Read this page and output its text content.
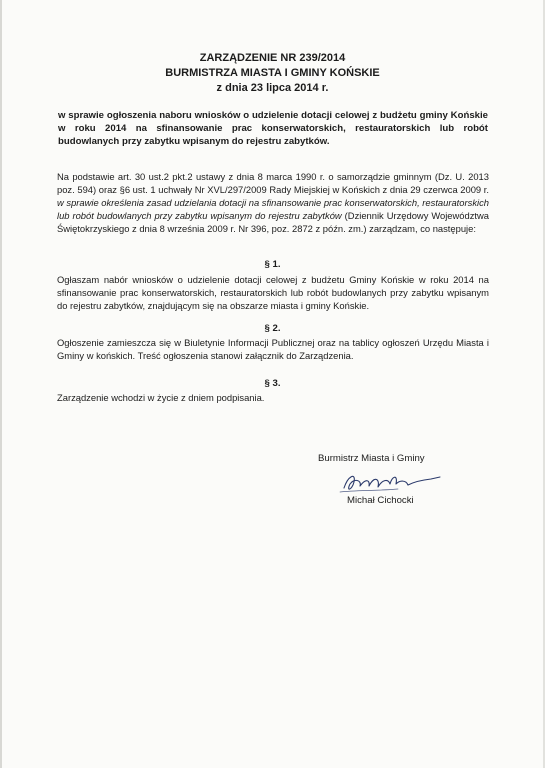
ZARZĄDZENIE NR 239/2014
BURMISTRZA MIASTA I GMINY KOŃSKIE
z dnia 23 lipca 2014 r.
w sprawie ogłoszenia naboru wniosków o udzielenie dotacji celowej z budżetu gminy Końskie w roku 2014 na sfinansowanie prac konserwatorskich, restauratorskich lub robót budowlanych przy zabytku wpisanym do rejestru zabytków.
Na podstawie art. 30 ust.2 pkt.2 ustawy z dnia 8 marca 1990 r. o samorządzie gminnym (Dz. U. 2013 poz. 594) oraz §6 ust. 1 uchwały Nr XVL/297/2009 Rady Miejskiej w Końskich z dnia 29 czerwca 2009 r. w sprawie określenia zasad udzielania dotacji na sfinansowanie prac konserwatorskich, restauratorskich lub robót budowlanych przy zabytku wpisanym do rejestru zabytków (Dziennik Urzędowy Województwa Świętokrzyskiego z dnia 8 września 2009 r. Nr 396, poz. 2872 z późn. zm.) zarządzam, co następuje:
§ 1.
Ogłaszam nabór wniosków o udzielenie dotacji celowej z budżetu Gminy Końskie w roku 2014 na sfinansowanie prac konserwatorskich, restauratorskich lub robót budowlanych przy zabytku wpisanym do rejestru zabytków, znajdującym się na obszarze miasta i gminy Końskie.
§ 2.
Ogłoszenie zamieszcza się w Biuletynie Informacji Publicznej oraz na tablicy ogłoszeń Urzędu Miasta i Gminy w końskich. Treść ogłoszenia stanowi załącznik do Zarządzenia.
§ 3.
Zarządzenie wchodzi w życie z dniem podpisania.
Burmistrz Miasta i Gminy
Michał Cichocki
